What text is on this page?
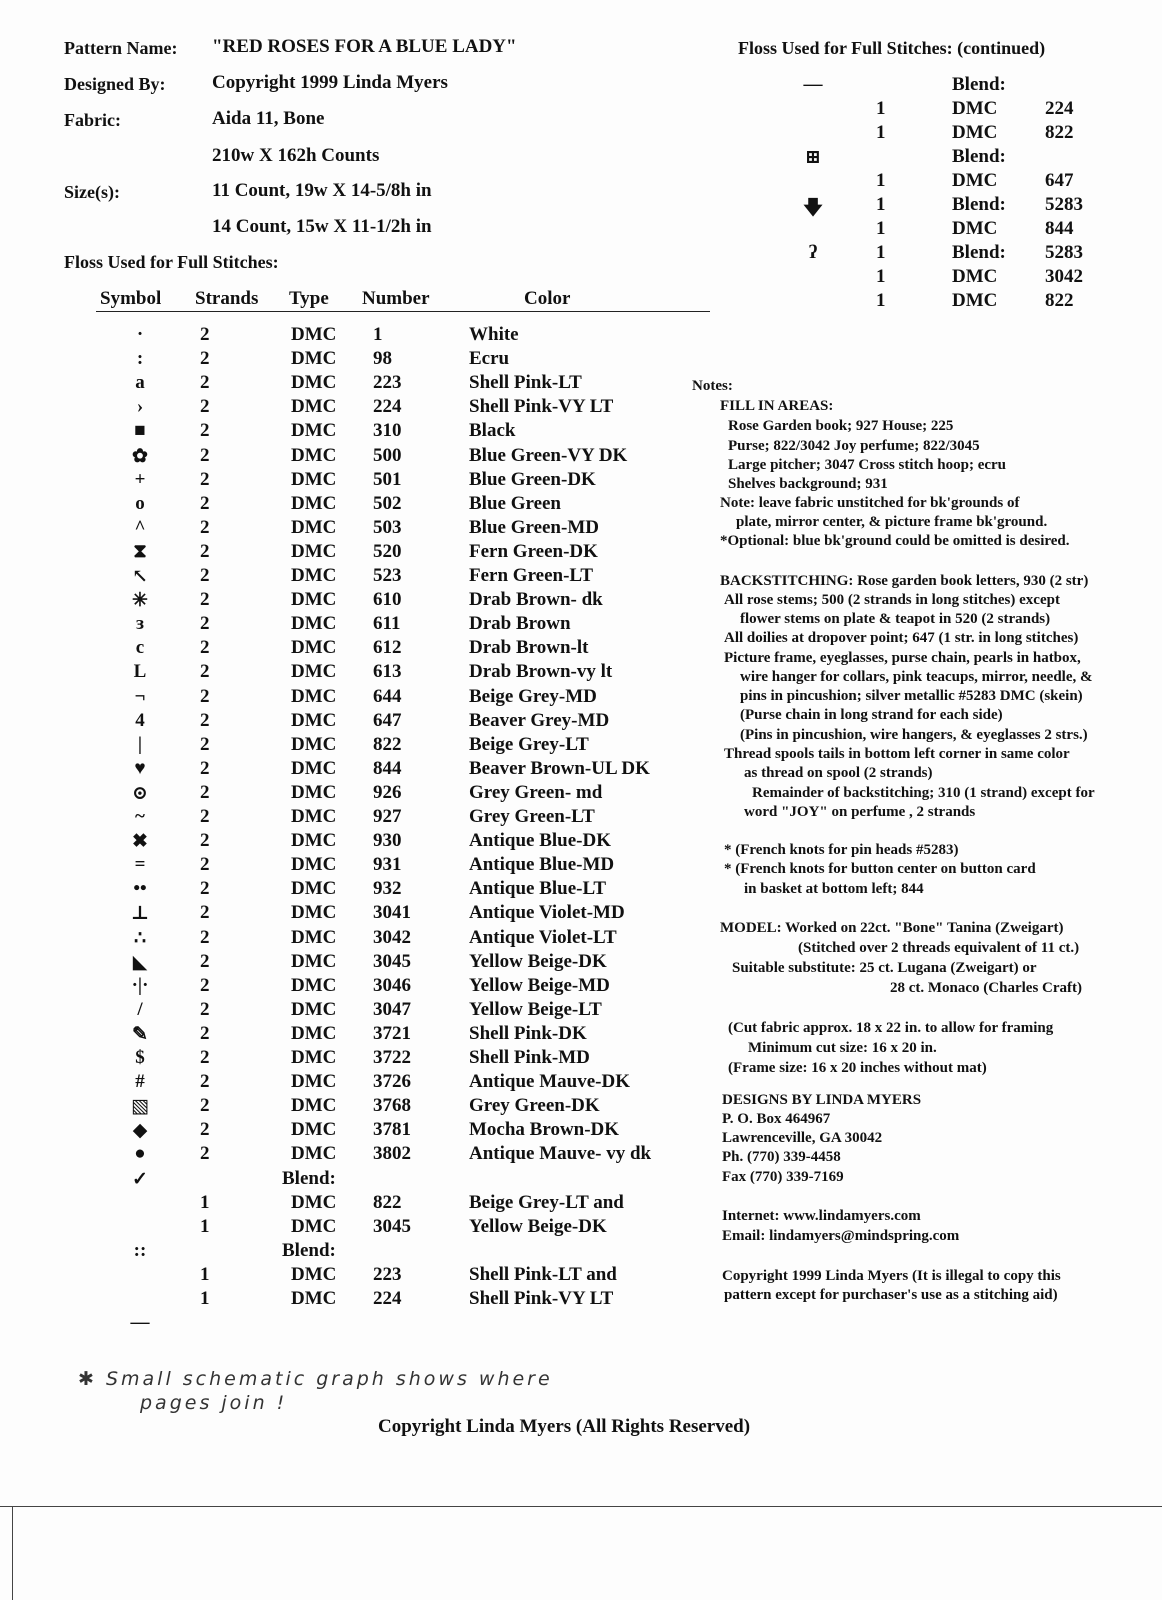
Pattern Name: "RED ROSES FOR A BLUE LADY"
Designed By: Copyright 1999 Linda Myers
Fabric:	Aida 11, Bone
210w X 162h Counts
Size(s):	11 Count, 19w X 14-5/8h in
14 Count, 15w X 11-1/2h in
Floss Used for Full Stitches:
Symbol Strands Type Number	Color
·	2	DMC 1	White
:	2	DMC 98	Ecru
a	2	DMC 223	Shell Pink-LT
›	2	DMC 224	Shell Pink-VY LT
■	2	DMC 310	Black
✿	2	DMC 500	Blue Green-VY DK
+	2	DMC 501	Blue Green-DK
o	2	DMC 502	Blue Green
^	2	DMC 503	Blue Green-MD
⧗	2	DMC 520	Fern Green-DK
↖	2	DMC 523	Fern Green-LT
✳	2	DMC 610	Drab Brown- dk
ɜ	2	DMC 611	Drab Brown
c	2	DMC 612	Drab Brown-lt
L	2	DMC 613	Drab Brown-vy lt
¬	2	DMC 644	Beige Grey-MD
4	2	DMC 647	Beaver Grey-MD
|	2	DMC 822	Beige Grey-LT
♥	2	DMC 844	Beaver Brown-UL DK
⊙	2	DMC 926	Grey Green- md
~	2	DMC 927	Grey Green-LT
✖	2	DMC 930	Antique Blue-DK
=	2	DMC 931	Antique Blue-MD
••	2	DMC 932	Antique Blue-LT
⊥	2	DMC 3041	Antique Violet-MD
∴	2	DMC 3042	Antique Violet-LT
◣	2	DMC 3045	Yellow Beige-DK
·|·	2	DMC 3046	Yellow Beige-MD
/	2	DMC 3047	Yellow Beige-LT
✎	2	DMC 3721	Shell Pink-DK
$	2	DMC 3722	Shell Pink-MD
#	2	DMC 3726	Antique Mauve-DK
▧	2	DMC 3768	Grey Green-DK
◆	2	DMC 3781	Mocha Brown-DK
●	2	DMC 3802	Antique Mauve- vy dk
✓	Blend:
1	DMC 822	Beige Grey-LT and
1	DMC 3045	Yellow Beige-DK
::	Blend:
1	DMC 223	Shell Pink-LT and
1	DMC 224	Shell Pink-VY LT
—
Floss Used for Full Stitches: (continued)
—	Blend:
1	DMC	224
1	DMC	822
⊞	Blend:
1	DMC	647
🡇	1	Blend: 5283
1	DMC	844
ʔ	1	Blend: 5283
1	DMC	3042
1	DMC	822
Notes:
FILL IN AREAS:
Rose Garden book; 927 House; 225
Purse; 822/3042 Joy perfume; 822/3045
Large pitcher; 3047 Cross stitch hoop; ecru
Shelves background; 931
Note: leave fabric unstitched for bk'grounds of
plate, mirror center, & picture frame bk'ground.
*Optional: blue bk'ground could be omitted is desired.
BACKSTITCHING: Rose garden book letters, 930 (2 str)
All rose stems; 500 (2 strands in long stitches) except
flower stems on plate & teapot in 520 (2 strands)
All doilies at dropover point; 647 (1 str. in long stitches)
Picture frame, eyeglasses, purse chain, pearls in hatbox,
wire hanger for collars, pink teacups, mirror, needle, &
pins in pincushion; silver metallic #5283 DMC (skein)
(Purse chain in long strand for each side)
(Pins in pincushion, wire hangers, & eyeglasses 2 strs.)
Thread spools tails in bottom left corner in same color
as thread on spool (2 strands)
Remainder of backstitching; 310 (1 strand) except for
word "JOY" on perfume , 2 strands
* (French knots for pin heads #5283)
* (French knots for button center on button card
in basket at bottom left; 844
MODEL: Worked on 22ct. "Bone" Tanina (Zweigart)
(Stitched over 2 threads equivalent of 11 ct.)
Suitable substitute: 25 ct. Lugana (Zweigart) or
28 ct. Monaco (Charles Craft)
(Cut fabric approx. 18 x 22 in. to allow for framing
Minimum cut size: 16 x 20 in.
(Frame size: 16 x 20 inches without mat)
DESIGNS BY LINDA MYERS
P. O. Box 464967
Lawrenceville, GA 30042
Ph. (770) 339-4458
Fax (770) 339-7169
Internet: www.lindamyers.com
Email: lindamyers@mindspring.com
Copyright 1999 Linda Myers (It is illegal to copy this
pattern except for purchaser's use as a stitching aid)
✱ Small schematic graph shows where
pages join !
Copyright Linda Myers (All Rights Reserved)
